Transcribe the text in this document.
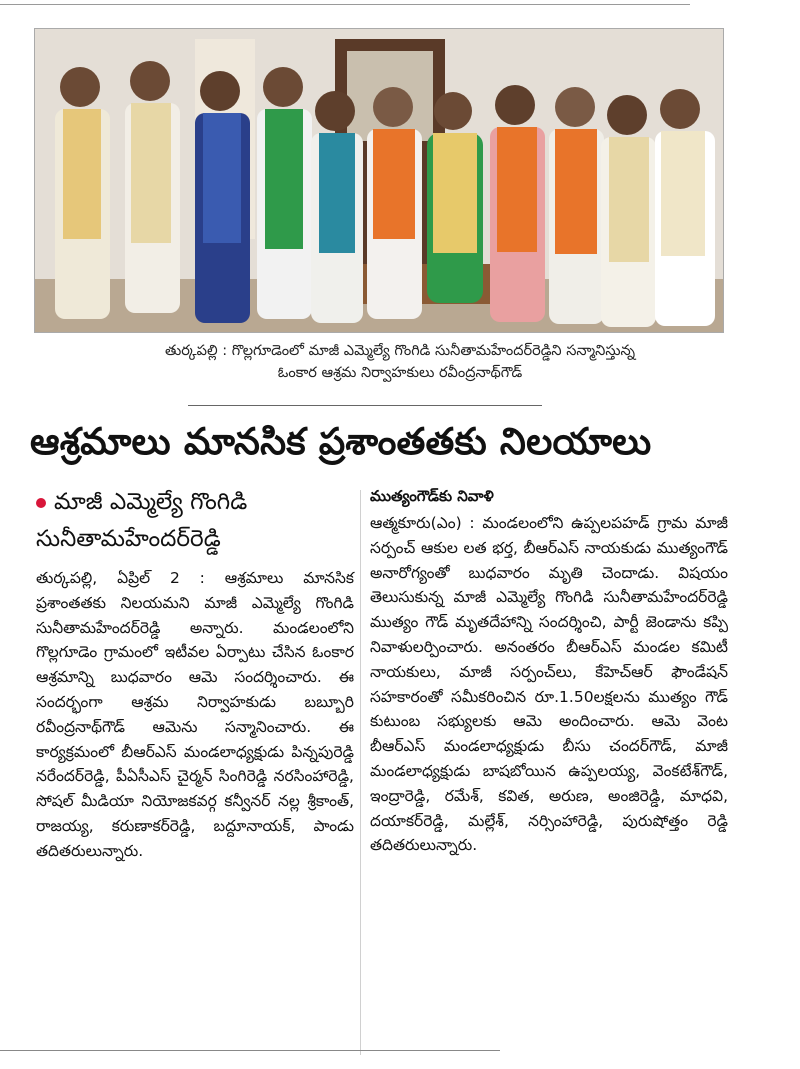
తుర్కపల్లి : గొల్లగూడెంలో మాజీ ఎమ్మెల్యే గొంగిడి సునీతామహేందర్‌రెడ్డిని సన్మానిస్తున్న
ఓంకార ఆశ్రమ నిర్వాహకులు రవీంద్రనాథ్‌గౌడ్
ఆశ్రమాలు మానసిక ప్రశాంతతకు నిలయాలు
మాజీ ఎమ్మెల్యే గొంగిడి
సునీతామహేందర్‌రెడ్డి
తుర్కపల్లి, ఏప్రిల్ 2 : ఆశ్రమాలు మానసిక ప్రశాంతతకు నిలయమని మాజీ ఎమ్మెల్యే గొంగిడి సునీతామహేందర్‌రెడ్డి అన్నారు. మండలంలోని గొల్లగూడెం గ్రామంలో ఇటీవల ఏర్పాటు చేసిన ఓంకార ఆశ్రమాన్ని బుధవారం ఆమె సందర్శించారు. ఈ సందర్భంగా ఆశ్రమ నిర్వాహకుడు బబ్బూరి రవీంద్రనాథ్‌గౌడ్ ఆమెను సన్మానించారు. ఈ కార్యక్రమంలో బీఆర్‌ఎస్ మండలాధ్యక్షుడు పిన్నపురెడ్డి నరేందర్‌రెడ్డి, పీఏసీఎస్ చైర్మన్ సింగిరెడ్డి నరసింహారెడ్డి, సోషల్ మీడియా నియోజకవర్గ కన్వీనర్ నల్ల శ్రీకాంత్, రాజయ్య, కరుణాకర్‌రెడ్డి, బద్దూనాయక్, పాండు తదితరులున్నారు.
ముత్యంగౌడ్‌కు నివాళి
ఆత్మకూరు(ఎం) : మండలంలోని ఉప్పలపహడ్ గ్రామ మాజీ సర్పంచ్ ఆకుల లత భర్త, బీఆర్‌ఎస్ నాయకుడు ముత్యంగౌడ్ అనారోగ్యంతో బుధవారం మృతి చెందాడు. విషయం తెలుసుకున్న మాజీ ఎమ్మెల్యే గొంగిడి సునీతామహేందర్‌రెడ్డి ముత్యం గౌడ్ మృతదేహాన్ని సందర్శించి, పార్టీ జెండాను కప్పి నివాళులర్పించారు. అనంతరం బీఆర్‌ఎస్ మండల కమిటీ నాయకులు, మాజీ సర్పంచ్‌లు, కేహెచ్‌ఆర్ ఫౌండేషన్ సహకారంతో సమీకరించిన రూ.1.50లక్షలను ముత్యం గౌడ్ కుటుంబ సభ్యులకు ఆమె అందించారు. ఆమె వెంట బీఆర్‌ఎస్ మండలాధ్యక్షుడు బీసు చందర్‌గౌడ్, మాజీ మండలాధ్యక్షుడు బాషబోయిన ఉప్పలయ్య, వెంకటేశ్‌గౌడ్, ఇంద్రారెడ్డి, రమేశ్, కవిత, అరుణ, అంజిరెడ్డి, మాధవి, దయాకర్‌రెడ్డి, మల్లేశ్, నర్సింహారెడ్డి, పురుషోత్తం రెడ్డి తదితరులున్నారు.
